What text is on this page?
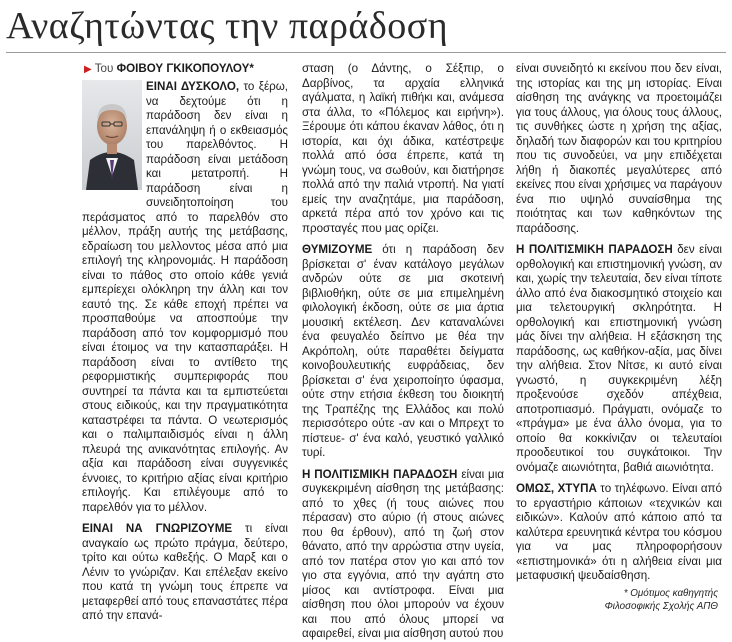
Αναζητώντας την παράδοση
▶ Του ΦΟΙΒΟΥ ΓΚΙΚΟΠΟΥΛΟΥ*

ΕΙΝΑΙ ΔΥΣΚΟΛΟ, το ξέρω, να δεχτούμε ότι η παράδοση δεν είναι η επανάληψη ή ο εκθειασμός του παρελθόντος. Η παράδοση είναι μετάδοση και μετατροπή. Η παράδοση είναι η συνειδητοποίηση του περάσματος από το παρελθόν στο μέλλον, πράξη αυτής της μετάβασης, εδραίωση του μελλοντος μέσα από μια επιλογή της κληρονομιάς. Η παράδοση είναι το πάθος στο οποίο κάθε γενιά εμπερίεχει ολόκληρη την άλλη και τον εαυτό της. Σε κάθε εποχή πρέπει να προσπαθούμε να αποσπούμε την παράδοση από τον κομφορμισμό που είναι έτοιμος να την κατασπαράξει. Η παράδοση είναι το αντίθετο της ρεφορμιστικής συμπεριφοράς που συντηρεί τα πάντα και τα εμπιστεύεται στους ειδικούς, και την πραγματικότητα καταστρέφει τα πάντα. Ο νεωτερισμός και ο παλιμπαιδισμός είναι η άλλη πλευρά της ανικανότητας επιλογής. Αν αξία και παράδοση είναι συγγενικές έννοιες, το κριτήριο αξίας είναι κριτήριο επιλογής. Και επιλέγουμε από το παρελθόν για το μέλλον.

ΕΙΝΑΙ ΝΑ ΓΝΩΡΙΖΟΥΜΕ τι είναι αναγκαίο ως πρώτο πράγμα, δεύτερο, τρίτο και ούτω καθεξής. Ο Μαρξ και ο Λένιν το γνώριζαν. Και επέλεξαν εκείνο που κατά τη γνώμη τους έπρεπε να μεταφερθεί από τους επαναστάτες πέρα από την επανά-

σταση (ο Δάντης, ο Σέξπιρ, ο Δαρβίνος, τα αρχαία ελληνικά αγάλματα, η λαϊκή πιθήκι και, ανάμεσα στα άλλα, το «Πόλεμος και ειρήνη»). Ξέρουμε ότι κάπου έκαναν λάθος, ότι η ιστορία, και όχι άδικα, κατέστρεψε πολλά από όσα έπρεπε, κατά τη γνώμη τους, να σωθούν, και διατήρησε πολλά από την παλιά ντροπή. Να γιατί εμείς την αναζητάμε, μια παράδοση, αρκετά πέρα από τον χρόνο και τις προσταγές που μας ορίζει.

ΘΥΜΙΖΟΥΜΕ ότι η παράδοση δεν βρίσκεται σ' έναν κατάλογο μεγάλων ανδρών ούτε σε μια σκοτεινή βιβλιοθήκη, ούτε σε μια επιμελημένη φιλολογική έκδοση, ούτε σε μια άρτια μουσική εκτέλεση. Δεν καταναλώνει ένα φευγαλέο δείπνο με θέα την Ακρόπολη, ούτε παραθέτει δείγματα κοινοβουλευτικής ευφράδειας, δεν βρίσκεται σ' ένα χειροποίητο ύφασμα, ούτε στην ετήσια έκθεση του διοικητή της Τραπέζης της Ελλάδος και πολύ περισσότερο ούτε -αν και ο Μπρεχτ το πίστευε- σ' ένα καλό, γευστικό γαλλικό τυρί.

Η ΠΟΛΙΤΙΣΜΙΚΗ ΠΑΡΑΔΟΣΗ είναι μια συγκεκριμένη αίσθηση της μετάβασης: από το χθες (ή τους αιώνες που πέρασαν) στο αύριο (ή στους αιώνες που θα έρθουν), από τη ζωή στον θάνατο, από την αρρώστια στην υγεία, από τον πατέρα στον γιο και από τον γιο στα εγγόνια, από την αγάπη στο μίσος και αντίστροφα. Είναι μια αίσθηση που όλοι μπορούν να έχουν και που από όλους μπορεί να αφαιρεθεί, είναι μια αίσθηση αυτού που

είναι συνειδητό κι εκείνου που δεν είναι, της ιστορίας και της μη ιστορίας. Είναι αίσθηση της ανάγκης να προετοιμάζει για τους άλλους, για όλους τους άλλους, τις συνθήκες ώστε η χρήση της αξίας, δηλαδή των διαφορών και του κριτηρίου που τις συνοδεύει, να μην επιδέχεται λήθη ή διακοπές μεγαλύτερες από εκείνες που είναι χρήσιμες να παράγουν ένα πιο υψηλό συναίσθημα της ποιότητας και των καθηκόντων της παράδοσης.

Η ΠΟΛΙΤΙΣΜΙΚΗ ΠΑΡΑΔΟΣΗ δεν είναι ορθολογική και επιστημονική γνώση, αν και, χωρίς την τελευταία, δεν είναι τίποτε άλλο από ένα διακοσμητικό στοιχείο και μια τελετουργική σκληρότητα. Η ορθολογική και επιστημονική γνώση μάς δίνει την αλήθεια. Η εξάσκηση της παράδοσης, ως καθήκον-αξία, μας δίνει την αλήθεια. Στον Νίτσε, κι αυτό είναι γνωστό, η συγκεκριμένη λέξη προξενούσε σχεδόν απέχθεια, αποτροπιασμό. Πράγματι, ονόμαζε το «πράγμα» με ένα άλλο όνομα, για το οποίο θα κοκκίνιζαν οι τελευταίοι προοδευτικοί του συγκάτοικοι. Την ονόμαζε αιωνιότητα, βαθιά αιωνιότητα.

ΟΜΩΣ, ΧΤΥΠΑ το τηλέφωνο. Είναι από το εργαστήριο κάποιων «τεχνικών και ειδικών». Καλούν από κάποιο από τα καλύτερα ερευνητικά κέντρα του κόσμου για να μας πληροφορήσουν «επιστημονικά» ότι η αλήθεια είναι μια μεταφυσική ψευδαίσθηση.

* Ομότιμος καθηγητής
Φιλοσοφικής Σχολής ΑΠΘ
